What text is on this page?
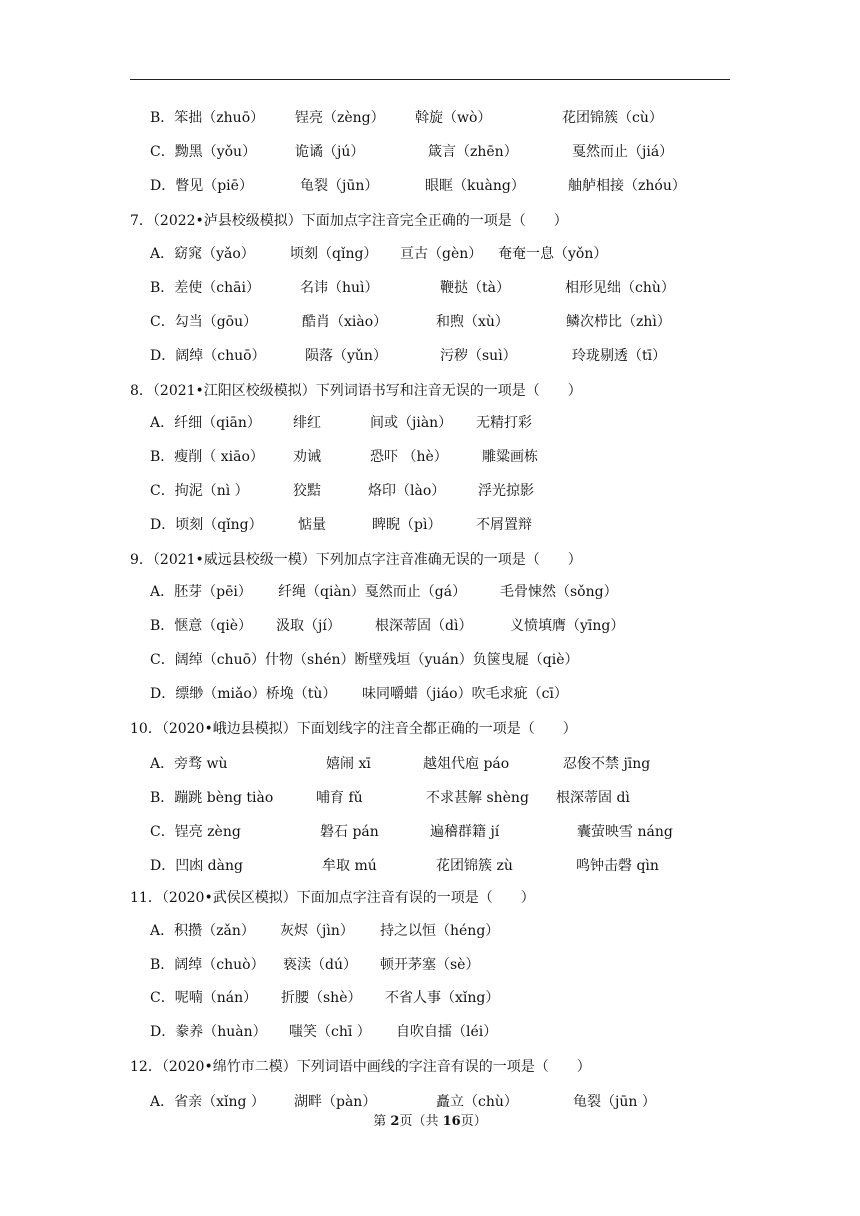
B．笨拙（zhuō） 锃亮（zèng） 斡旋（wò）	花团锦簇（cù）
C．黝黑（yǒu）	诡谲（jú）	箴言（zhēn）	戛然而止（jiá）
D．瞥见（piē）	龟裂（jūn）	眼眶（kuàng）	舳舻相接（zhóu）
7．（2022•泸县校级模拟）下面加点字注音完全正确的一项是（　　）
A．窈窕（yǎo）	顷刻（qǐng） 亘古（gèn） 奄奄一息（yǒn）
B．差使（chāi）	名讳（huì）	鞭挞（tà）	相形见绌（chù）
C．勾当（gōu）	酷肖（xiào）	和煦（xù）	鳞次栉比（zhì）
D．阔绰（chuō）	陨落（yǔn）	污秽（suì）	玲珑剔透（tī）
8．（2021•江阳区校级模拟）下列词语书写和注音无误的一项是（　　）
A．纤细（qiān） 绯红	间或（jiàn） 无精打彩
B．瘦削（ xiāo） 劝诫	恐吓 （hè） 雕粱画栋
C．拘泥（nì ）	狡黠	烙印（lào） 浮光掠影
D．顷刻（qǐng）	惦量	睥睨（pì） 不屑置辩
9．（2021•威远县校级一模）下列加点字注音准确无误的一项是（　　）
A．胚芽（pēi） 纤绳（qiàn）戛然而止（gá） 毛骨悚然（sǒng）
B．惬意（qiè） 汲取（jí） 根深蒂固（dì）	义愤填膺（yīng）
C．阔绰（chuō）什物（shén）断壁残垣（yuán）负箧曳屣（qiè）
D．缥缈（miǎo）桥堍（tù） 味同嚼蜡（jiáo）吹毛求疵（cī）
10．（2020•峨边县模拟）下面划线字的注音全都正确的一项是（　　）
A．旁骛 wù	嬉闹 xī	越俎代庖 páo	忍俊不禁 jīng
B．蹦跳 bèng tiào	哺育 fǔ	不求甚解 shèng 根深蒂固 dì
C．锃亮 zèng	磐石 pán	遍稽群籍 jí	囊萤映雪 náng
D．凹凼 dàng	牟取 mú	花团锦簇 zù	鸣钟击磬 qìn
11．（2020•武侯区模拟）下面加点字注音有误的一项是（　　）
A．积攒（zǎn） 灰烬（jìn） 持之以恒（héng）
B．阔绰（chuò） 亵渎（dú） 顿开茅塞（sè）
C．呢喃（nán） 折腰（shè） 不省人事（xǐng）
D．豢养（huàn） 嗤笑（chī ） 自吹自擂（léi）
12．（2020•绵竹市二模）下列词语中画线的字注音有误的一项是（　　）
A．省亲（xǐng ） 湖畔（pàn）	矗立（chù）	龟裂（jūn ）
第 2页（共 16页）
